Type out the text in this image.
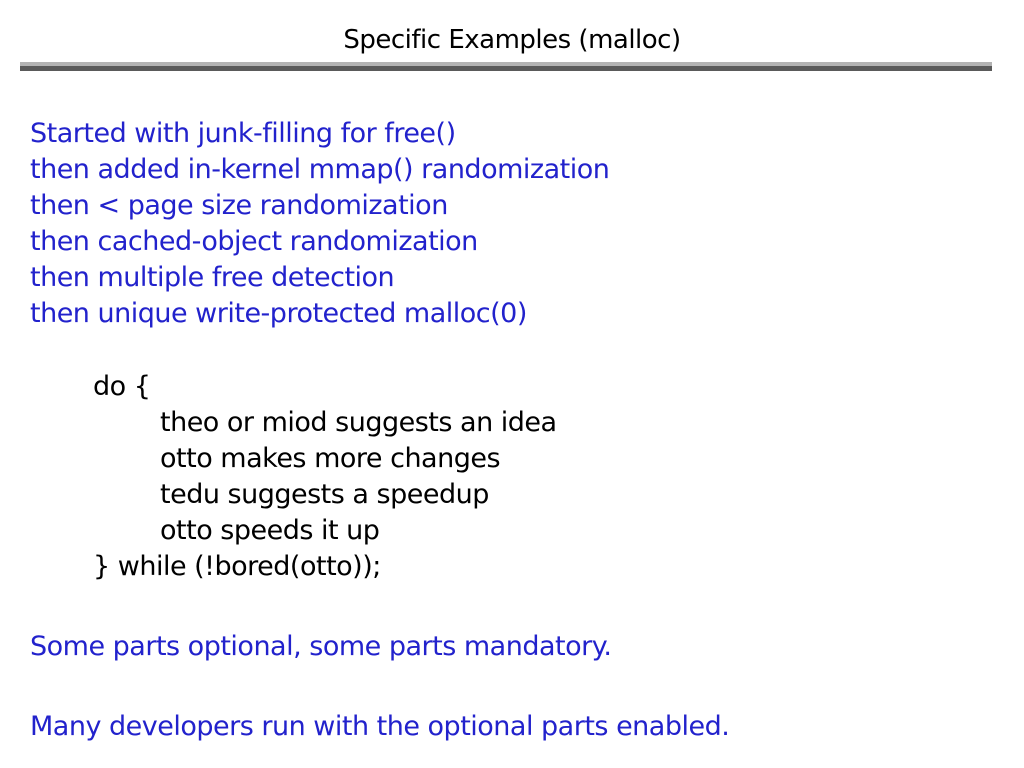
Specific Examples (malloc)
Started with junk-filling for free()
then added in-kernel mmap() randomization
then < page size randomization
then cached-object randomization
then multiple free detection
then unique write-protected malloc(0)
do {
theo or miod suggests an idea
otto makes more changes
tedu suggests a speedup
otto speeds it up
} while (!bored(otto));
Some parts optional, some parts mandatory.
Many developers run with the optional parts enabled.
